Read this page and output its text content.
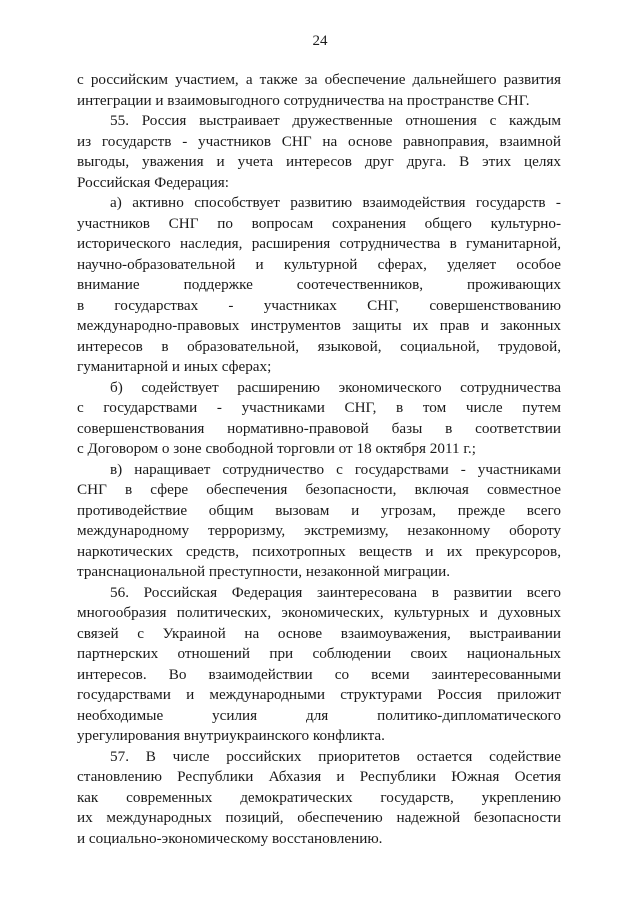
24
с российским участием, а также за обеспечение дальнейшего развития
интеграции и взаимовыгодного сотрудничества на пространстве СНГ.
55. Россия выстраивает дружественные отношения с каждым
из государств - участников СНГ на основе равноправия, взаимной
выгоды, уважения и учета интересов друг друга. В этих целях
Российская Федерация:
а) активно способствует развитию взаимодействия государств -
участников СНГ по вопросам сохранения общего культурно-
исторического наследия, расширения сотрудничества в гуманитарной,
научно-образовательной и культурной сферах, уделяет особое
внимание поддержке соотечественников, проживающих
в государствах - участниках СНГ, совершенствованию
международно-правовых инструментов защиты их прав и законных
интересов в образовательной, языковой, социальной, трудовой,
гуманитарной и иных сферах;
б) содействует расширению экономического сотрудничества
с государствами - участниками СНГ, в том числе путем
совершенствования нормативно-правовой базы в соответствии
с Договором о зоне свободной торговли от 18 октября 2011 г.;
в) наращивает сотрудничество с государствами - участниками
СНГ в сфере обеспечения безопасности, включая совместное
противодействие общим вызовам и угрозам, прежде всего
международному терроризму, экстремизму, незаконному обороту
наркотических средств, психотропных веществ и их прекурсоров,
транснациональной преступности, незаконной миграции.
56. Российская Федерация заинтересована в развитии всего
многообразия политических, экономических, культурных и духовных
связей с Украиной на основе взаимоуважения, выстраивании
партнерских отношений при соблюдении своих национальных
интересов. Во взаимодействии со всеми заинтересованными
государствами и международными структурами Россия приложит
необходимые усилия для политико-дипломатического
урегулирования внутриукраинского конфликта.
57. В числе российских приоритетов остается содействие
становлению Республики Абхазия и Республики Южная Осетия
как современных демократических государств, укреплению
их международных позиций, обеспечению надежной безопасности
и социально-экономическому восстановлению.
